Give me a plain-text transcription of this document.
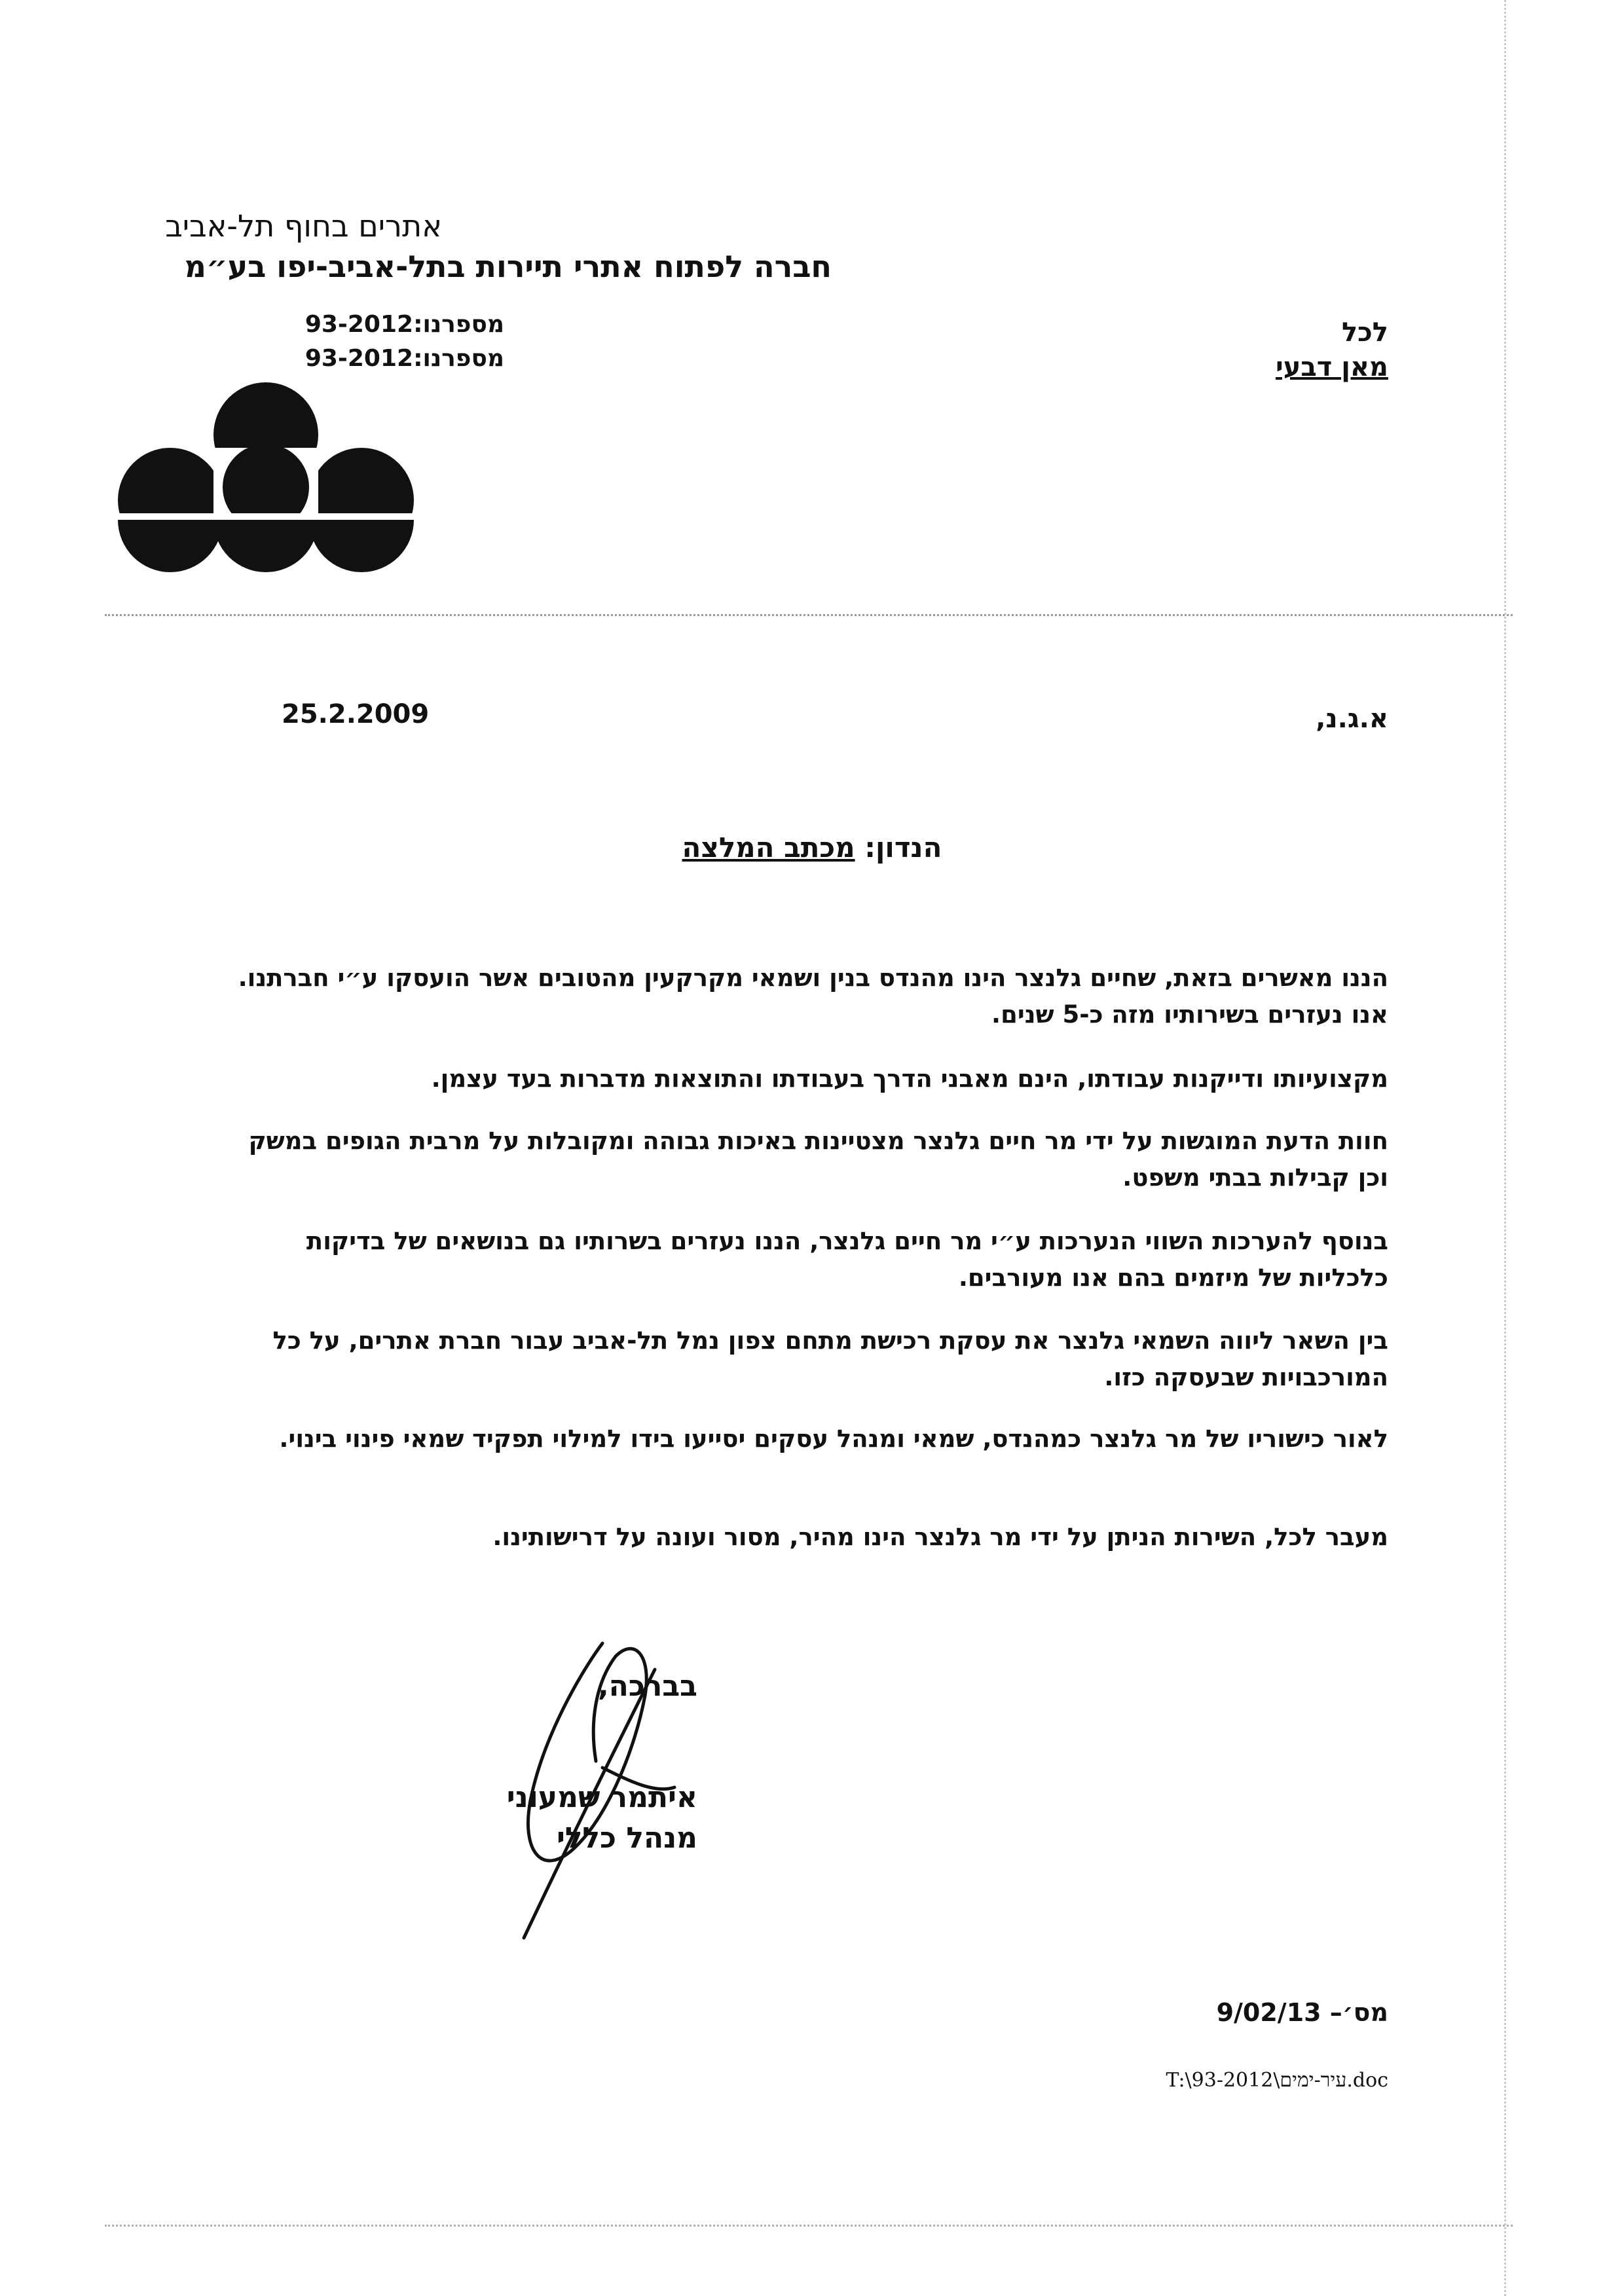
אתרים בחוף תל-אביב
חברה לפתוח אתרי תיירות בתל-אביב-יפו בע״מ
מספרנו:93-2012
מספרנו:93-2012
לכל
מאן דבעי
25.2.2009	א.ג.נ,
הנדון: מכתב המלצה
הננו מאשרים בזאת, שחיים גלנצר הינו מהנדס בנין ושמאי מקרקעין מהטובים אשר הועסקו ע״י חברתנו. אנו נעזרים בשירותיו מזה כ-5 שנים.
מקצועיותו ודייקנות עבודתו, הינם מאבני הדרך בעבודתו והתוצאות מדברות בעד עצמן.
חוות הדעת המוגשות על ידי מר חיים גלנצר מצטיינות באיכות גבוהה ומקובלות על מרבית הגופים במשק וכן קבילות בבתי משפט.
בנוסף להערכות השווי הנערכות ע״י מר חיים גלנצר, הננו נעזרים בשרותיו גם בנושאים של בדיקות כלכליות של מיזמים בהם אנו מעורבים.
בין השאר ליווה השמאי גלנצר את עסקת רכישת מתחם צפון נמל תל-אביב עבור חברת אתרים, על כל המורכבויות שבעסקה כזו.
לאור כישוריו של מר גלנצר כמהנדס, שמאי ומנהל עסקים יסייעו בידו למילוי תפקיד שמאי פינוי בינוי.
מעבר לכל, השירות הניתן על ידי מר גלנצר הינו מהיר, מסור ועונה על דרישותינו.
בברכה,
איתמר שמעוני
מנהל כללי
מס׳– 9/02/13
T:\עיר-ימים\93-2012.doc
